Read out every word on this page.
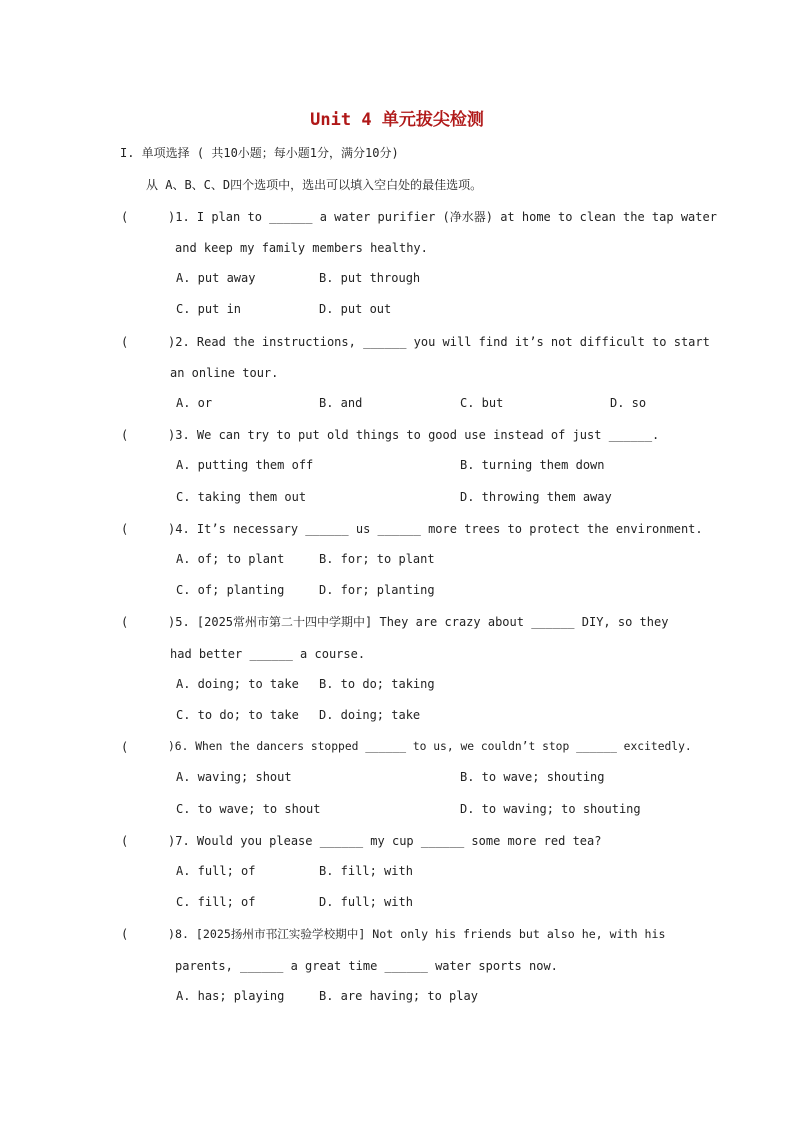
Unit 4 单元拔尖检测
I. 单项选择 ( 共10小题；每小题1分，满分10分)
从 A、B、C、D四个选项中，选出可以填入空白处的最佳选项。
(	)1. I plan to ______ a water purifier (净水器) at home to clean the tap water
and keep my family members healthy.
A. put away	B. put through
C. put in	D. put out
(	)2. Read the instructions, ______ you will find it’s not difficult to start
an online tour.
A. or	B. and	C. but	D. so
(	)3. We can try to put old things to good use instead of just ______.
A. putting them off	B. turning them down
C. taking them out	D. throwing them away
(	)4. It’s necessary ______ us ______ more trees to protect the environment.
A. of; to plant	B. for; to plant
C. of; planting	D. for; planting
(	)5. [2025常州市第二十四中学期中] They are crazy about ______ DIY, so they
had better ______ a course.
A. doing; to take B. to do; taking
C. to do; to take D. doing; take
(	)6. When the dancers stopped ______ to us, we couldn’t stop ______ excitedly.
A. waving; shout	B. to wave; shouting
C. to wave; to shout	D. to waving; to shouting
(	)7. Would you please ______ my cup ______ some more red tea?
A. full; of	B. fill; with
C. fill; of	D. full; with
(	)8. [2025扬州市邗江实验学校期中] Not only his friends but also he, with his
parents, ______ a great time ______ water sports now.
A. has; playing	B. are having; to play
